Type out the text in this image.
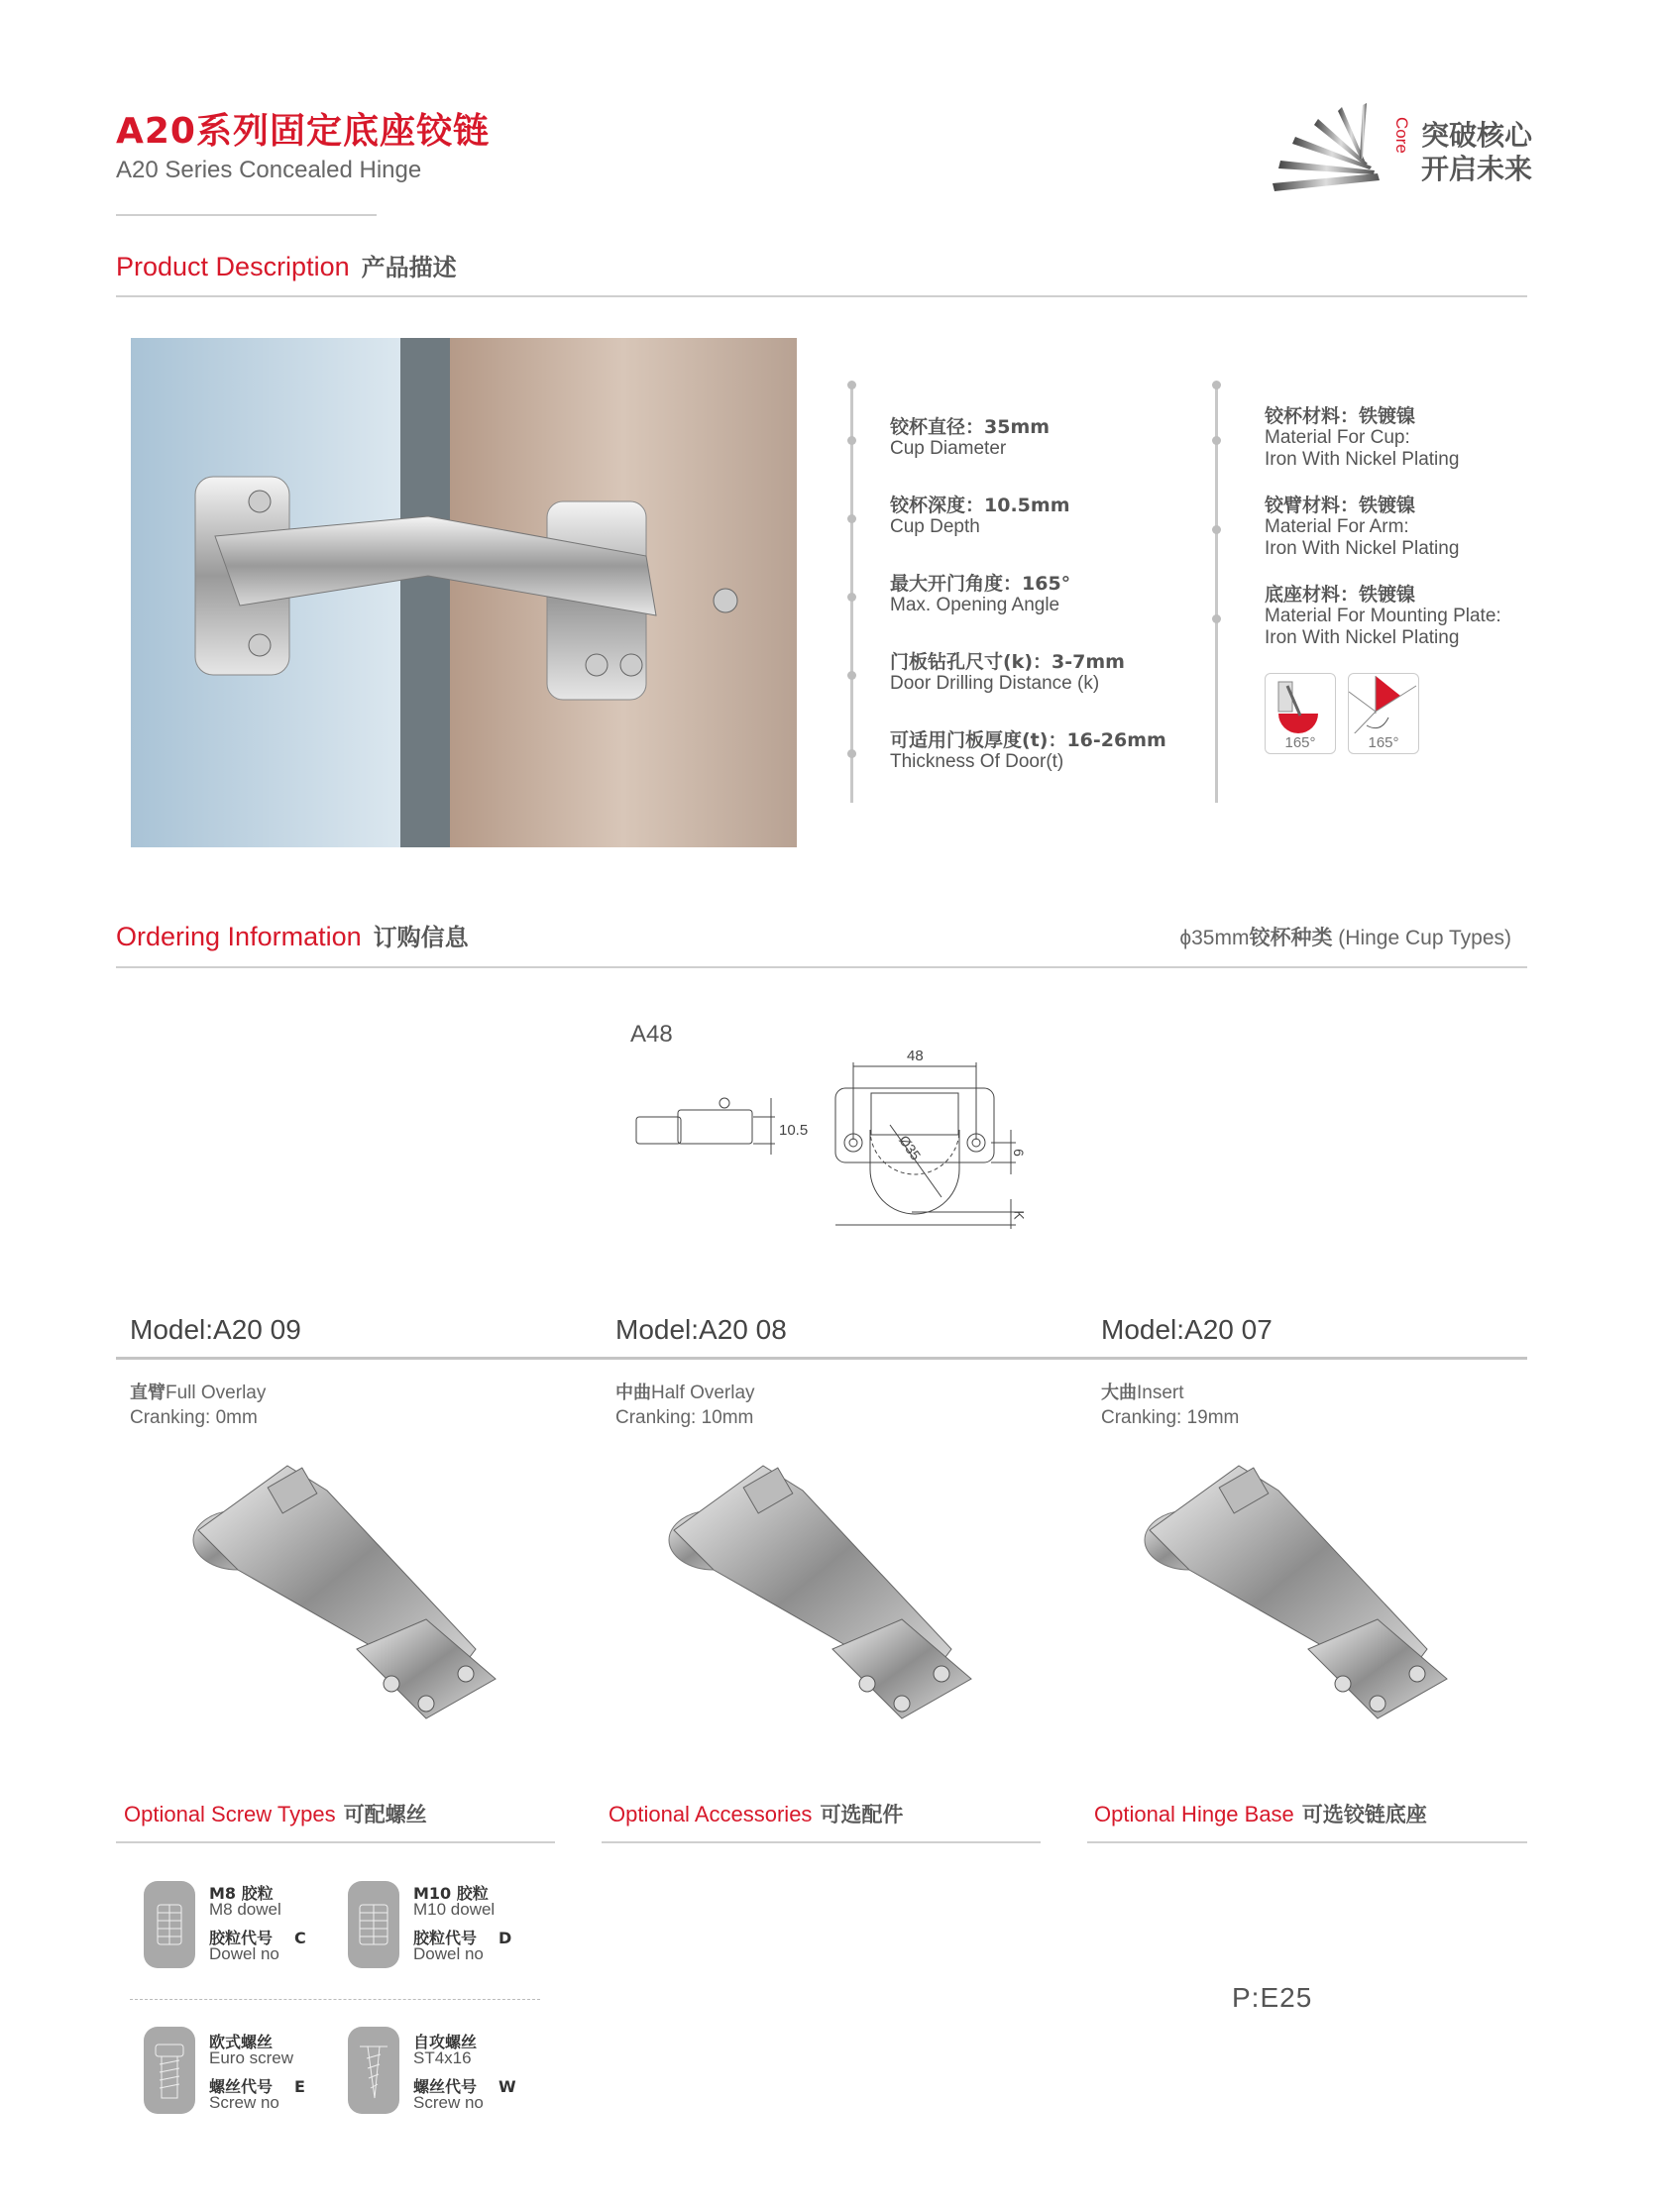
A20系列固定底座铰链
A20 Series Concealed Hinge
Core 突破核心
开启未来
Product Description 产品描述
铰杯直径：35mm
Cup Diameter
铰杯深度：10.5mm
Cup Depth
最大开门角度：165°
Max. Opening Angle
门板钻孔尺寸(k)：3-7mm
Door Drilling Distance (k)
可适用门板厚度(t)：16-26mm
Thickness Of Door(t)
铰杯材料：铁镀镍
Material For Cup:
Iron With Nickel Plating
铰臂材料：铁镀镍
Material For Arm:
Iron With Nickel Plating
底座材料：铁镀镍
Material For Mounting Plate:
Iron With Nickel Plating
165°	165°
Ordering Information 订购信息	ϕ35mm铰杯种类 (Hinge Cup Types)
A48
10.5
48
Ø35	6
K
Model:A20 09	Model:A20 08	Model:A20 07
直臂Full Overlay
Cranking: 0mm
中曲Half Overlay
Cranking: 10mm
大曲Insert
Cranking: 19mm
Optional Screw Types 可配螺丝	Optional Accessories 可选配件	Optional Hinge Base 可选铰链底座
M8 胶粒
M8 dowel
胶粒代号 C
Dowel no
M10 胶粒
M10 dowel
胶粒代号 D
Dowel no
欧式螺丝
Euro screw
螺丝代号 E
Screw no
自攻螺丝
ST4x16
螺丝代号 W
Screw no
P:E25
